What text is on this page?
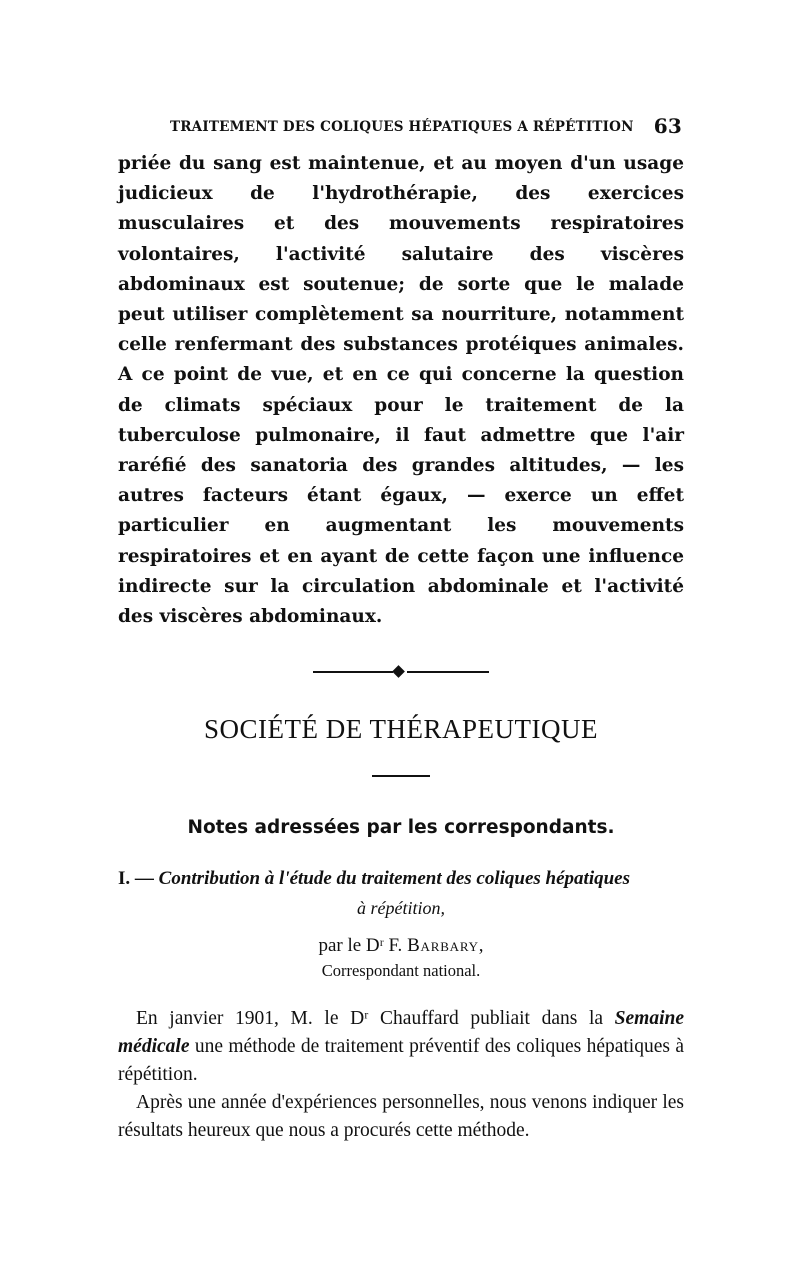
TRAITEMENT DES COLIQUES HÉPATIQUES A RÉPÉTITION 63

priée du sang est maintenue, et au moyen d'un usage judicieux de l'hydrothérapie, des exercices musculaires et des mouvements respiratoires volontaires, l'activité salutaire des viscères abdominaux est soutenue; de sorte que le malade peut utiliser complètement sa nourriture, notamment celle renfermant des substances protéiques animales. A ce point de vue, et en ce qui concerne la question de climats spéciaux pour le traitement de la tuberculose pulmonaire, il faut admettre que l'air raréfié des sanatoria des grandes altitudes, — les autres facteurs étant égaux, — exerce un effet particulier en augmentant les mouvements respiratoires et en ayant de cette façon une influence indirecte sur la circulation abdominale et l'activité des viscères abdominaux.

SOCIÉTÉ DE THÉRAPEUTIQUE
Notes adressées par les correspondants.
I. — Contribution à l'étude du traitement des coliques hépatiques
à répétition,
par le Dʳ F. Barbary,
Correspondant national.

En janvier 1901, M. le Dʳ Chauffard publiait dans la Semaine médicale une méthode de traitement préventif des coliques hépatiques à répétition.

Après une année d'expériences personnelles, nous venons indiquer les résultats heureux que nous a procurés cette méthode.
